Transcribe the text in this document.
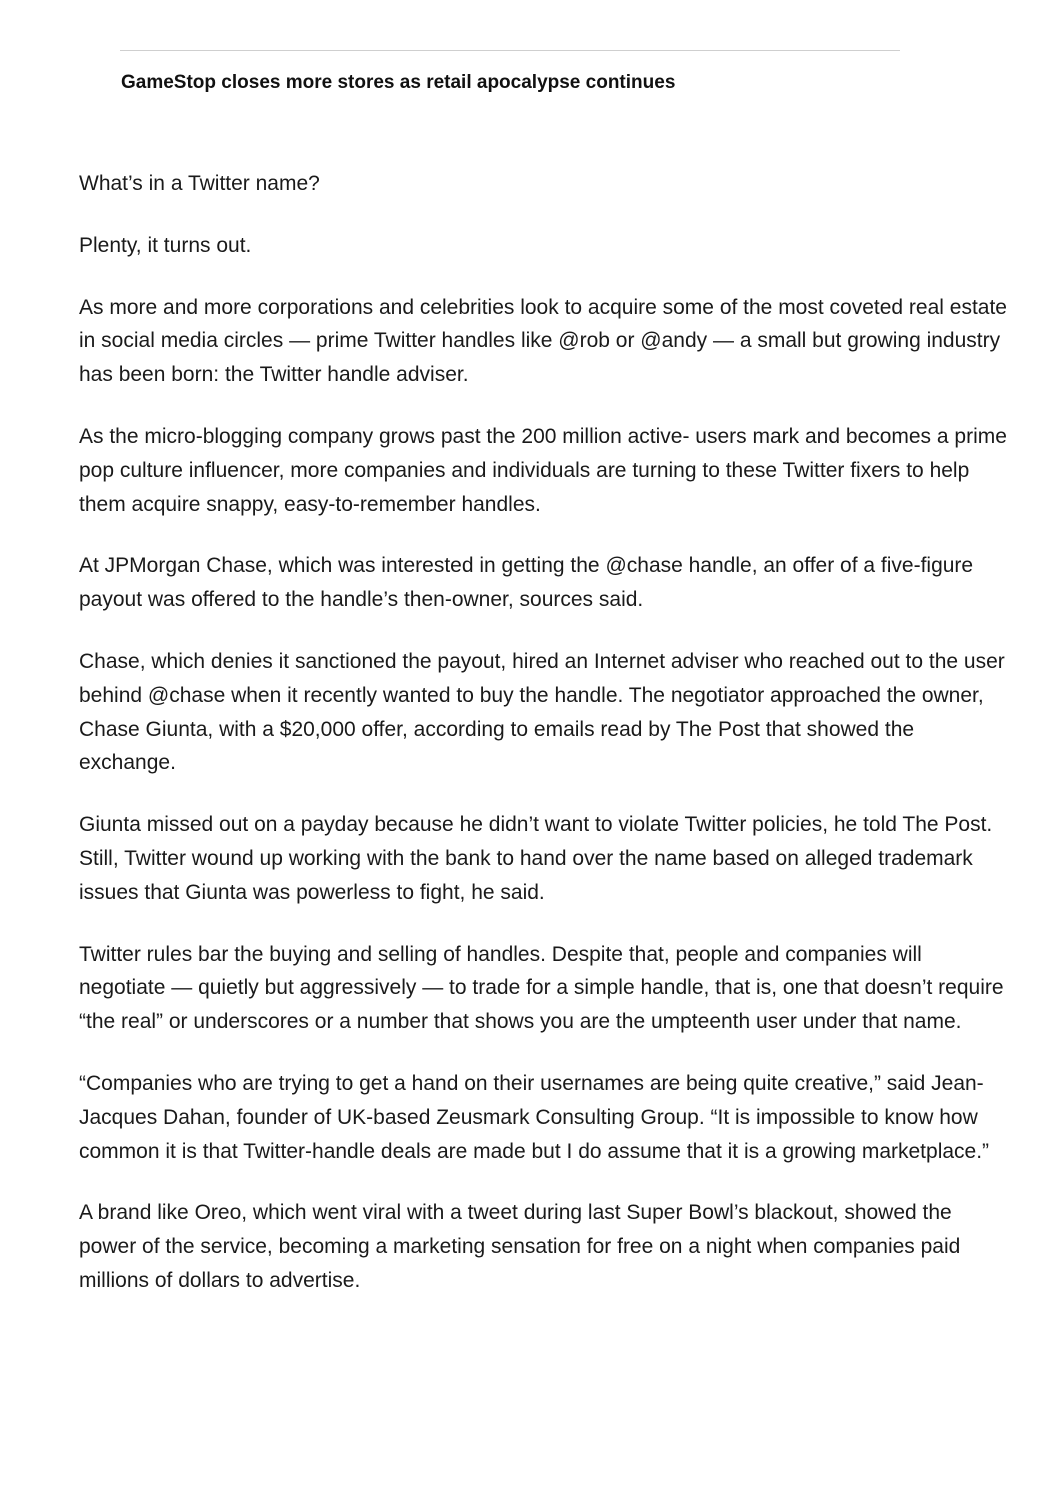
GameStop closes more stores as retail apocalypse continues

What’s in a Twitter name?

Plenty, it turns out.

As more and more corporations and celebrities look to acquire some of the most coveted real estate in social media circles — prime Twitter handles like @rob or @andy — a small but growing industry has been born: the Twitter handle adviser.

As the micro-blogging company grows past the 200 million active- users mark and becomes a prime pop culture influencer, more companies and individuals are turning to these Twitter fixers to help them acquire snappy, easy-to-remember handles.

At JPMorgan Chase, which was interested in getting the @chase handle, an offer of a five-figure payout was offered to the handle’s then-owner, sources said.

Chase, which denies it sanctioned the payout, hired an Internet adviser who reached out to the user behind @chase when it recently wanted to buy the handle. The negotiator approached the owner, Chase Giunta, with a $20,000 offer, according to emails read by The Post that showed the exchange.

Giunta missed out on a payday because he didn’t want to violate Twitter policies, he told The Post. Still, Twitter wound up working with the bank to hand over the name based on alleged trademark issues that Giunta was powerless to fight, he said.

Twitter rules bar the buying and selling of handles. Despite that, people and companies will negotiate — quietly but aggressively — to trade for a simple handle, that is, one that doesn’t require “the real” or underscores or a number that shows you are the umpteenth user under that name.

“Companies who are trying to get a hand on their usernames are being quite creative,” said Jean-Jacques Dahan, founder of UK-based Zeusmark Consulting Group. “It is impossible to know how common it is that Twitter-handle deals are made but I do assume that it is a growing marketplace.”

A brand like Oreo, which went viral with a tweet during last Super Bowl’s blackout, showed the power of the service, becoming a marketing sensation for free on a night when companies paid millions of dollars to advertise.
